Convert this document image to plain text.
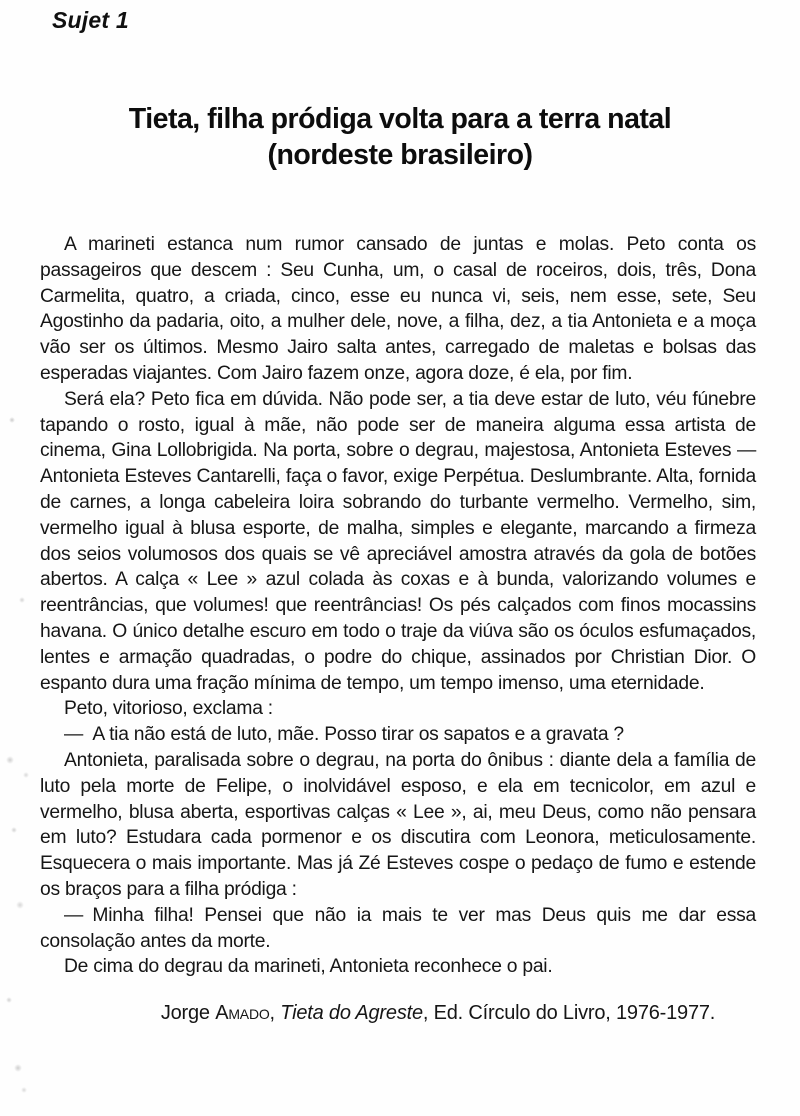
Sujet 1
Tieta, filha pródiga volta para a terra natal
(nordeste brasileiro)

A marineti estanca num rumor cansado de juntas e molas. Peto conta os passageiros que descem : Seu Cunha, um, o casal de roceiros, dois, três, Dona Carmelita, quatro, a criada, cinco, esse eu nunca vi, seis, nem esse, sete, Seu Agostinho da padaria, oito, a mulher dele, nove, a filha, dez, a tia Antonieta e a moça vão ser os últimos. Mesmo Jairo salta antes, carregado de maletas e bolsas das esperadas viajantes. Com Jairo fazem onze, agora doze, é ela, por fim.

Será ela? Peto fica em dúvida. Não pode ser, a tia deve estar de luto, véu fúnebre tapando o rosto, igual à mãe, não pode ser de maneira alguma essa artista de cinema, Gina Lollobrigida. Na porta, sobre o degrau, majestosa, Antonieta Esteves — Antonieta Esteves Cantarelli, faça o favor, exige Perpétua. Deslumbrante. Alta, fornida de carnes, a longa cabeleira loira sobrando do turbante vermelho. Vermelho, sim, vermelho igual à blusa esporte, de malha, simples e elegante, marcando a firmeza dos seios volumosos dos quais se vê apreciável amostra através da gola de botões abertos. A calça « Lee » azul colada às coxas e à bunda, valorizando volumes e reentrâncias, que volumes! que reentrâncias! Os pés calçados com finos mocassins havana. O único detalhe escuro em todo o traje da viúva são os óculos esfumaçados, lentes e armação quadradas, o podre do chique, assinados por Christian Dior. O espanto dura uma fração mínima de tempo, um tempo imenso, uma eternidade.

Peto, vitorioso, exclama :

— A tia não está de luto, mãe. Posso tirar os sapatos e a gravata ?

Antonieta, paralisada sobre o degrau, na porta do ônibus : diante dela a família de luto pela morte de Felipe, o inolvidável esposo, e ela em tecnicolor, em azul e vermelho, blusa aberta, esportivas calças « Lee », ai, meu Deus, como não pensara em luto? Estudara cada pormenor e os discutira com Leonora, meticulosamente. Esquecera o mais importante. Mas já Zé Esteves cospe o pedaço de fumo e estende os braços para a filha pródiga :

— Minha filha! Pensei que não ia mais te ver mas Deus quis me dar essa consolação antes da morte.

De cima do degrau da marineti, Antonieta reconhece o pai.

Jorge Amado, Tieta do Agreste, Ed. Círculo do Livro, 1976-1977.
